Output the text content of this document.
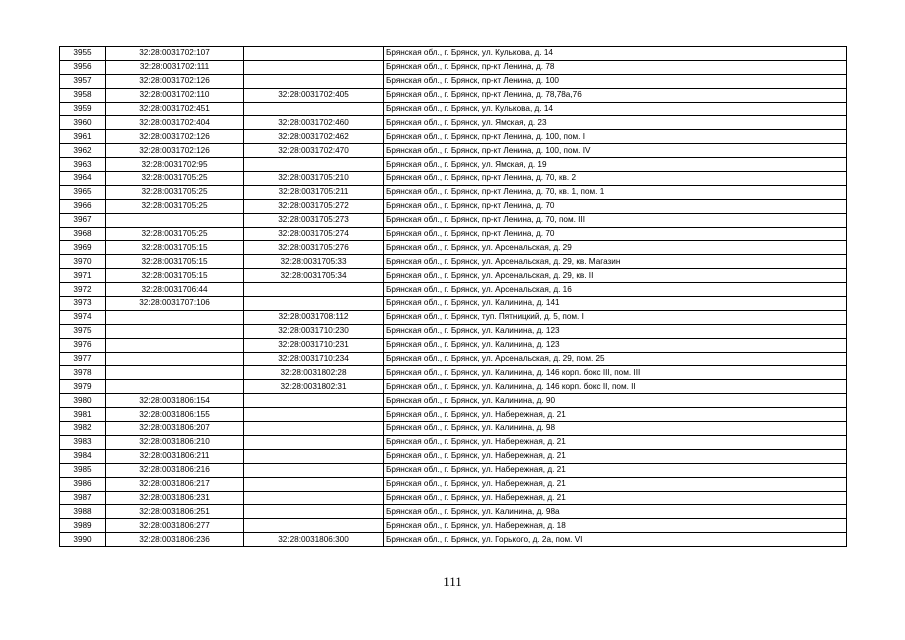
3955	32:28:0031702:107		Брянская обл., г. Брянск, ул. Кулькова, д. 14
3956	32:28:0031702:111		Брянская обл., г. Брянск, пр-кт Ленина, д. 78
3957	32:28:0031702:126		Брянская обл., г. Брянск, пр-кт Ленина, д. 100
3958	32:28:0031702:110	32:28:0031702:405	Брянская обл., г. Брянск, пр-кт Ленина, д. 78,78а,76
3959	32:28:0031702:451		Брянская обл., г. Брянск, ул. Кулькова, д. 14
3960	32:28:0031702:404	32:28:0031702:460	Брянская обл., г. Брянск, ул. Ямская, д. 23
3961	32:28:0031702:126	32:28:0031702:462	Брянская обл., г. Брянск, пр-кт Ленина, д. 100, пом. I
3962	32:28:0031702:126	32:28:0031702:470	Брянская обл., г. Брянск, пр-кт Ленина, д. 100, пом. IV
3963	32:28:0031702:95		Брянская обл., г. Брянск, ул. Ямская, д. 19
3964	32:28:0031705:25	32:28:0031705:210	Брянская обл., г. Брянск, пр-кт Ленина, д. 70, кв. 2
3965	32:28:0031705:25	32:28:0031705:211	Брянская обл., г. Брянск, пр-кт Ленина, д. 70, кв. 1, пом. 1
3966	32:28:0031705:25	32:28:0031705:272	Брянская обл., г. Брянск, пр-кт Ленина, д. 70
3967		32:28:0031705:273	Брянская обл., г. Брянск, пр-кт Ленина, д. 70, пом. III
3968	32:28:0031705:25	32:28:0031705:274	Брянская обл., г. Брянск, пр-кт Ленина, д. 70
3969	32:28:0031705:15	32:28:0031705:276	Брянская обл., г. Брянск, ул. Арсенальская, д. 29
3970	32:28:0031705:15	32:28:0031705:33	Брянская обл., г. Брянск, ул. Арсенальская, д. 29, кв. Магазин
3971	32:28:0031705:15	32:28:0031705:34	Брянская обл., г. Брянск, ул. Арсенальская, д. 29, кв. II
3972	32:28:0031706:44		Брянская обл., г. Брянск, ул. Арсенальская, д. 16
3973	32:28:0031707:106		Брянская обл., г. Брянск, ул. Калинина, д. 141
3974		32:28:0031708:112	Брянская обл., г. Брянск, туп. Пятницкий, д. 5, пом. I
3975		32:28:0031710:230	Брянская обл., г. Брянск, ул. Калинина, д. 123
3976		32:28:0031710:231	Брянская обл., г. Брянск, ул. Калинина, д. 123
3977		32:28:0031710:234	Брянская обл., г. Брянск, ул. Арсенальская, д. 29, пом. 25
3978		32:28:0031802:28	Брянская обл., г. Брянск, ул. Калинина, д. 146 корп. бокс III, пом. III
3979		32:28:0031802:31	Брянская обл., г. Брянск, ул. Калинина, д. 146 корп. бокс II, пом. II
3980	32:28:0031806:154		Брянская обл., г. Брянск, ул. Калинина, д. 90
3981	32:28:0031806:155		Брянская обл., г. Брянск, ул. Набережная, д. 21
3982	32:28:0031806:207		Брянская обл., г. Брянск, ул. Калинина, д. 98
3983	32:28:0031806:210		Брянская обл., г. Брянск, ул. Набережная, д. 21
3984	32:28:0031806:211		Брянская обл., г. Брянск, ул. Набережная, д. 21
3985	32:28:0031806:216		Брянская обл., г. Брянск, ул. Набережная, д. 21
3986	32:28:0031806:217		Брянская обл., г. Брянск, ул. Набережная, д. 21
3987	32:28:0031806:231		Брянская обл., г. Брянск, ул. Набережная, д. 21
3988	32:28:0031806:251		Брянская обл., г. Брянск, ул. Калинина, д. 98а
3989	32:28:0031806:277		Брянская обл., г. Брянск, ул. Набережная, д. 18
3990	32:28:0031806:236	32:28:0031806:300	Брянская обл., г. Брянск, ул. Горького, д. 2а, пом. VI
111
